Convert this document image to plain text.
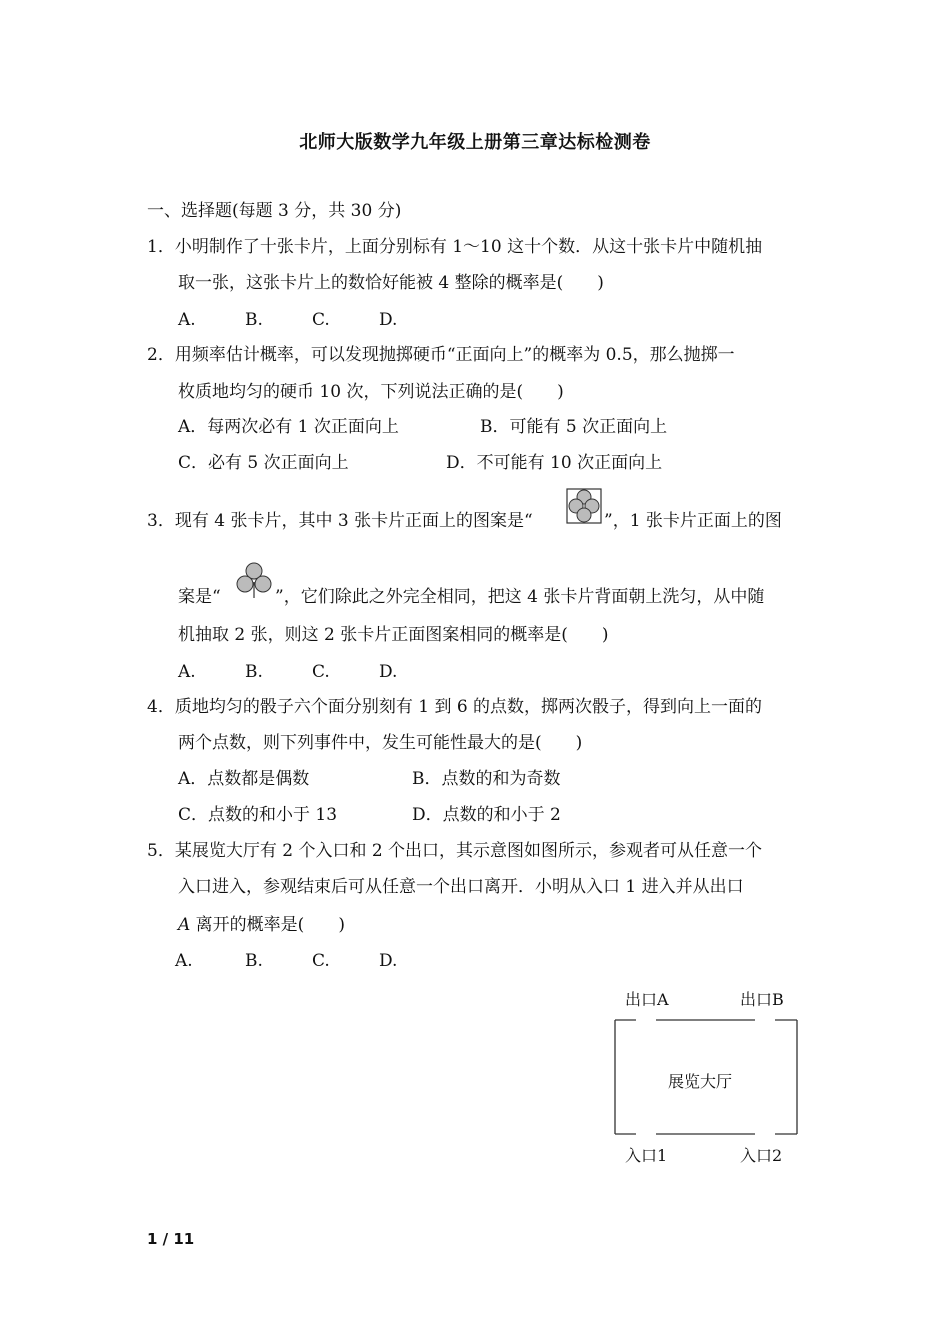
北师大版数学九年级上册第三章达标检测卷
一、选择题(每题 3 分，共 30 分)
1．小明制作了十张卡片，上面分别标有 1～10 这十个数．从这十张卡片中随机抽
取一张，这张卡片上的数恰好能被 4 整除的概率是(　　)
A.	B.	C.	D.
2．用频率估计概率，可以发现抛掷硬币“正面向上”的概率为 0.5，那么抛掷一
枚质地均匀的硬币 10 次，下列说法正确的是(　　)
A．每两次必有 1 次正面向上	B．可能有 5 次正面向上
C．必有 5 次正面向上	D．不可能有 10 次正面向上
3．现有 4 张卡片，其中 3 张卡片正面上的图案是“	”，1 张卡片正面上的图
案是“	”，它们除此之外完全相同，把这 4 张卡片背面朝上洗匀，从中随
机抽取 2 张，则这 2 张卡片正面图案相同的概率是(　　)
A.	B.	C.	D.
4．质地均匀的骰子六个面分别刻有 1 到 6 的点数，掷两次骰子，得到向上一面的
两个点数，则下列事件中，发生可能性最大的是(　　)
A．点数都是偶数	B．点数的和为奇数
C．点数的和小于 13	D．点数的和小于 2
5．某展览大厅有 2 个入口和 2 个出口，其示意图如图所示，参观者可从任意一个
入口进入，参观结束后可从任意一个出口离开．小明从入口 1 进入并从出口
A 离开的概率是(　　)
A.	B.	C.	D.
出口A	出口B
展览大厅
入口1	入口2
1 / 11
